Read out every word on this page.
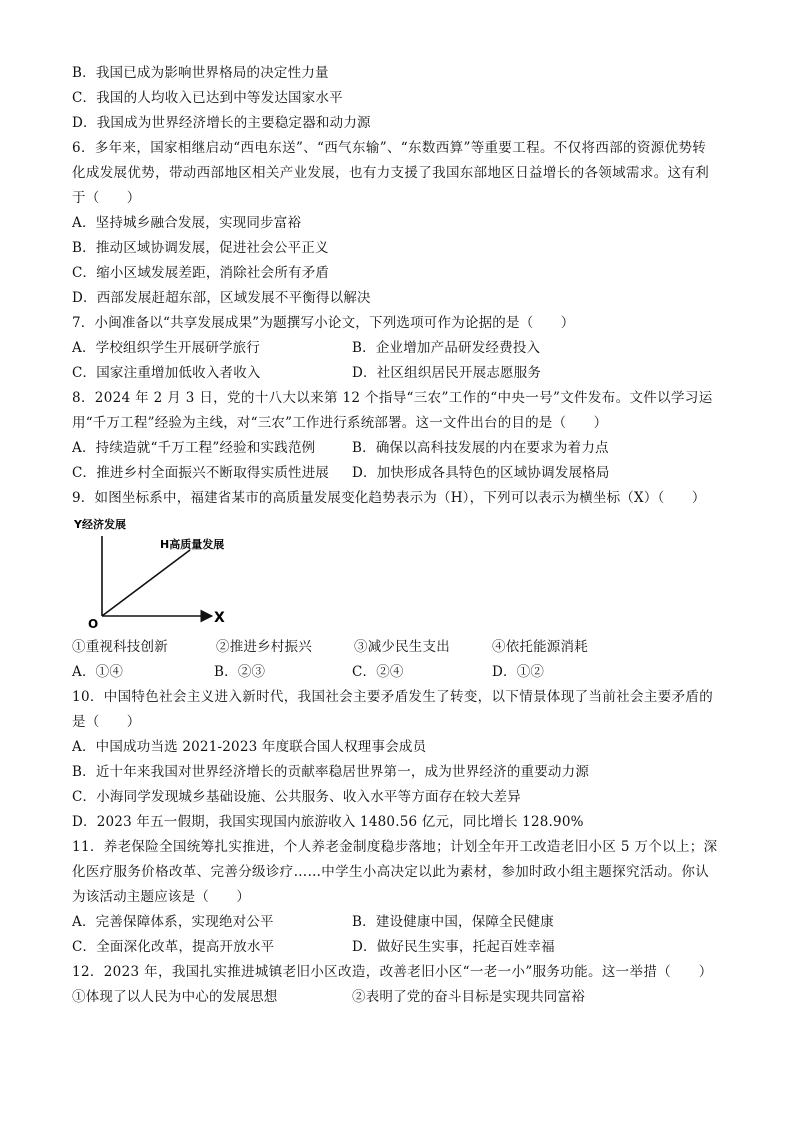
B．我国已成为影响世界格局的决定性力量
C．我国的人均收入已达到中等发达国家水平
D．我国成为世界经济增长的主要稳定器和动力源
6．多年来，国家相继启动“西电东送”、“西气东输”、“东数西算”等重要工程。不仅将西部的资源优势转
化成发展优势，带动西部地区相关产业发展，也有力支援了我国东部地区日益增长的各领域需求。这有利
于（　　）
A．坚持城乡融合发展，实现同步富裕
B．推动区域协调发展，促进社会公平正义
C．缩小区域发展差距，消除社会所有矛盾
D．西部发展赶超东部，区域发展不平衡得以解决
7．小闽准备以“共享发展成果”为题撰写小论文，下列选项可作为论据的是（　　）
A．学校组织学生开展研学旅行	B．企业增加产品研发经费投入
C．国家注重增加低收入者收入	D．社区组织居民开展志愿服务
8．2024 年 2 月 3 日，党的十八大以来第 12 个指导“三农”工作的“中央一号”文件发布。文件以学习运
用“千万工程”经验为主线，对“三农”工作进行系统部署。这一文件出台的目的是（　　）
A．持续造就“千万工程”经验和实践范例	B．确保以高科技发展的内在要求为着力点
C．推进乡村全面振兴不断取得实质性进展 D．加快形成各具特色的区域协调发展格局
9．如图坐标系中，福建省某市的高质量发展变化趋势表示为（H），下列可以表示为横坐标（X）（　　）
Y经济发展
H高质量发展
O	X
①重视科技创新	②推进乡村振兴	③减少民生支出	④依托能源消耗
A．①④	B．②③	C．②④	D．①②
10．中国特色社会主义进入新时代，我国社会主要矛盾发生了转变，以下情景体现了当前社会主要矛盾的
是（　　）
A．中国成功当选 2021-2023 年度联合国人权理事会成员
B．近十年来我国对世界经济增长的贡献率稳居世界第一，成为世界经济的重要动力源
C．小海同学发现城乡基础设施、公共服务、收入水平等方面存在较大差异
D．2023 年五一假期，我国实现国内旅游收入 1480.56 亿元，同比增长 128.90%
11．养老保险全国统筹扎实推进，个人养老金制度稳步落地；计划全年开工改造老旧小区 5 万个以上；深
化医疗服务价格改革、完善分级诊疗……中学生小高决定以此为素材，参加时政小组主题探究活动。你认
为该活动主题应该是（　　）
A．完善保障体系，实现绝对公平	B．建设健康中国，保障全民健康
C．全面深化改革，提高开放水平	D．做好民生实事，托起百姓幸福
12．2023 年，我国扎实推进城镇老旧小区改造，改善老旧小区“一老一小”服务功能。这一举措（　　）
①体现了以人民为中心的发展思想	②表明了党的奋斗目标是实现共同富裕
